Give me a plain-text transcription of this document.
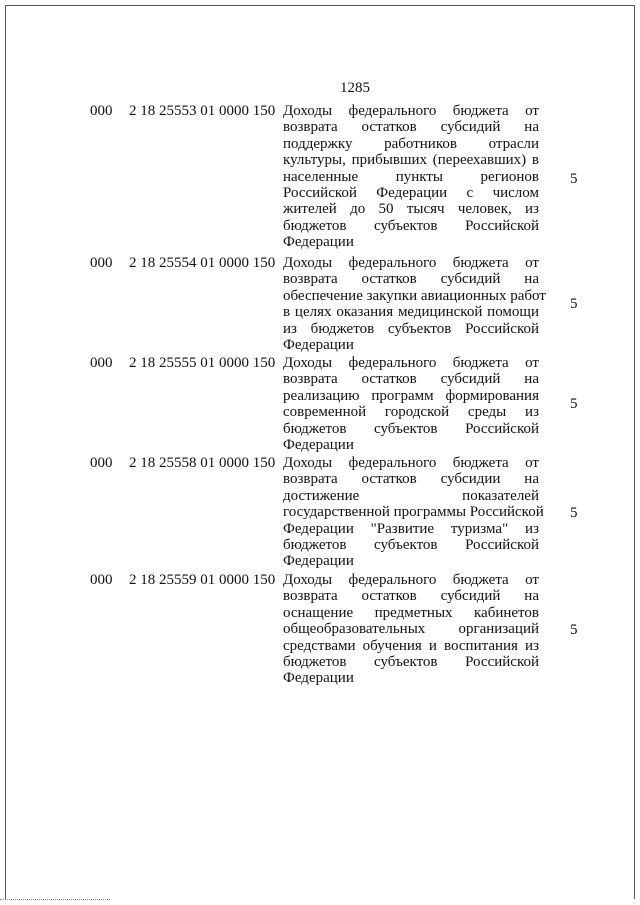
1285
000 2 18 25553 01 0000 150 Доходы федерального бюджета от
возврата остатков субсидий на
поддержку работников отрасли
культуры, прибывших (переехавших) в
населенные пункты регионов
Российской Федерации с числом
жителей до 50 тысяч человек, из
бюджетов субъектов Российской
Федерации
5
000 2 18 25554 01 0000 150 Доходы федерального бюджета от
возврата остатков субсидий на
обеспечение закупки авиационных работ
в целях оказания медицинской помощи
из бюджетов субъектов Российской
Федерации
5
000 2 18 25555 01 0000 150 Доходы федерального бюджета от
возврата остатков субсидий на
реализацию программ формирования
современной городской среды из
бюджетов субъектов Российской
Федерации
5
000 2 18 25558 01 0000 150 Доходы федерального бюджета от
возврата остатков субсидии на
достижение показателей
государственной программы Российской
Федерации "Развитие туризма" из
бюджетов субъектов Российской
Федерации
5
000 2 18 25559 01 0000 150 Доходы федерального бюджета от
возврата остатков субсидий на
оснащение предметных кабинетов
общеобразовательных организаций
средствами обучения и воспитания из
бюджетов субъектов Российской
Федерации
5
